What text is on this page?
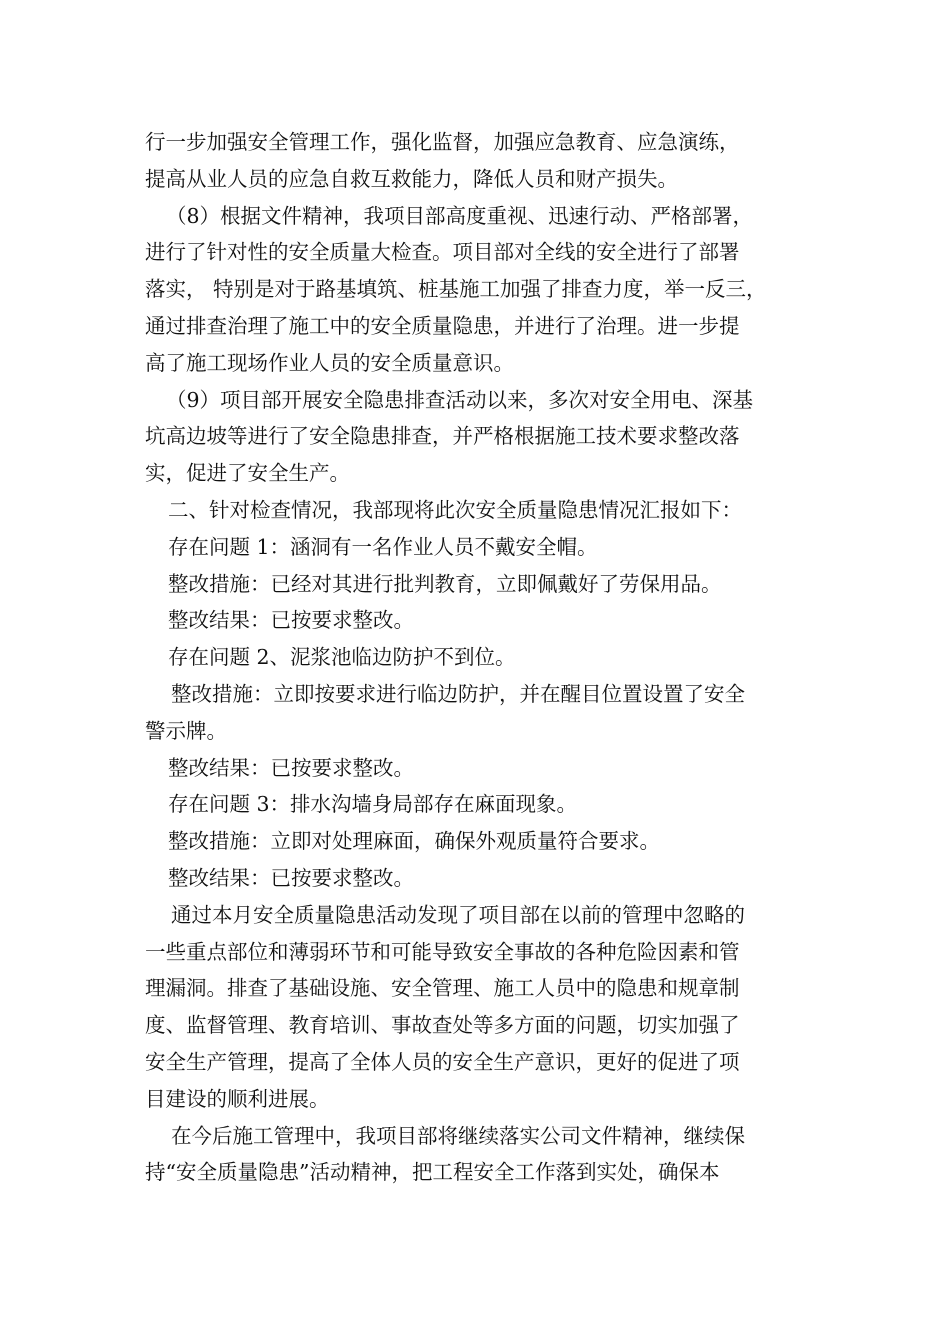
行一步加强安全管理工作，强化监督，加强应急教育、应急演练，
提高从业人员的应急自救互救能力，降低人员和财产损失。
（8）根据文件精神，我项目部高度重视、迅速行动、严格部署，
进行了针对性的安全质量大检查。项目部对全线的安全进行了部署
落实， 特别是对于路基填筑、桩基施工加强了排查力度，举一反三，
通过排查治理了施工中的安全质量隐患，并进行了治理。进一步提
高了施工现场作业人员的安全质量意识。
（9）项目部开展安全隐患排查活动以来，多次对安全用电、深基
坑高边坡等进行了安全隐患排查，并严格根据施工技术要求整改落
实，促进了安全生产。
二、针对检查情况，我部现将此次安全质量隐患情况汇报如下：
存在问题 1：涵洞有一名作业人员不戴安全帽。
整改措施：已经对其进行批判教育，立即佩戴好了劳保用品。
整改结果：已按要求整改。
存在问题 2、泥浆池临边防护不到位。
整改措施：立即按要求进行临边防护，并在醒目位置设置了安全
警示牌。
整改结果：已按要求整改。
存在问题 3：排水沟墙身局部存在麻面现象。
整改措施：立即对处理麻面，确保外观质量符合要求。
整改结果：已按要求整改。
通过本月安全质量隐患活动发现了项目部在以前的管理中忽略的
一些重点部位和薄弱环节和可能导致安全事故的各种危险因素和管
理漏洞。排查了基础设施、安全管理、施工人员中的隐患和规章制
度、监督管理、教育培训、事故查处等多方面的问题，切实加强了
安全生产管理，提高了全体人员的安全生产意识，更好的促进了项
目建设的顺利进展。
在今后施工管理中，我项目部将继续落实公司文件精神，继续保
持“安全质量隐患”活动精神，把工程安全工作落到实处，确保本
